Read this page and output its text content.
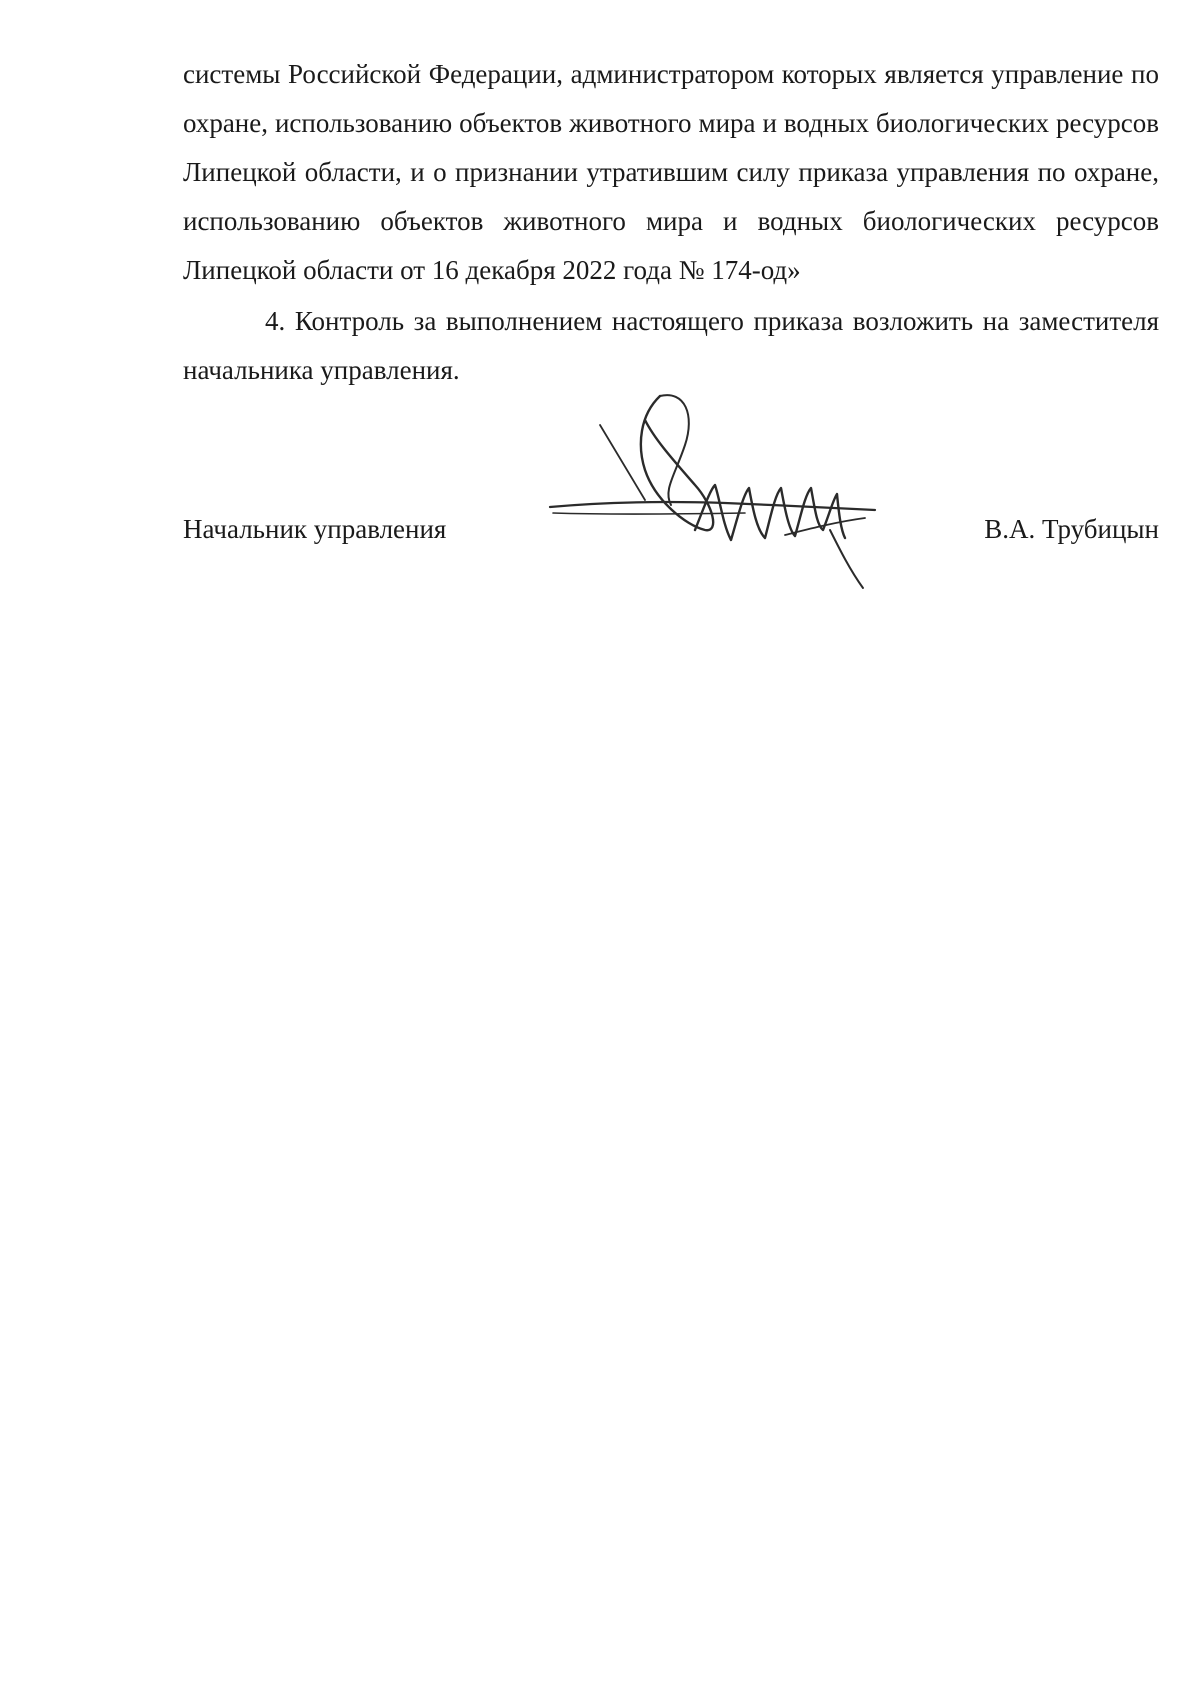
системы Российской Федерации, администратором которых является управление по охране, использованию объектов животного мира и водных биологических ресурсов Липецкой области, и о признании утратившим силу приказа управления по охране, использованию объектов животного мира и водных биологических ресурсов Липецкой области от 16 декабря 2022 года № 174-од»

4. Контроль за выполнением настоящего приказа возложить на заместителя начальника управления.

Начальник управления	В.А. Трубицын
